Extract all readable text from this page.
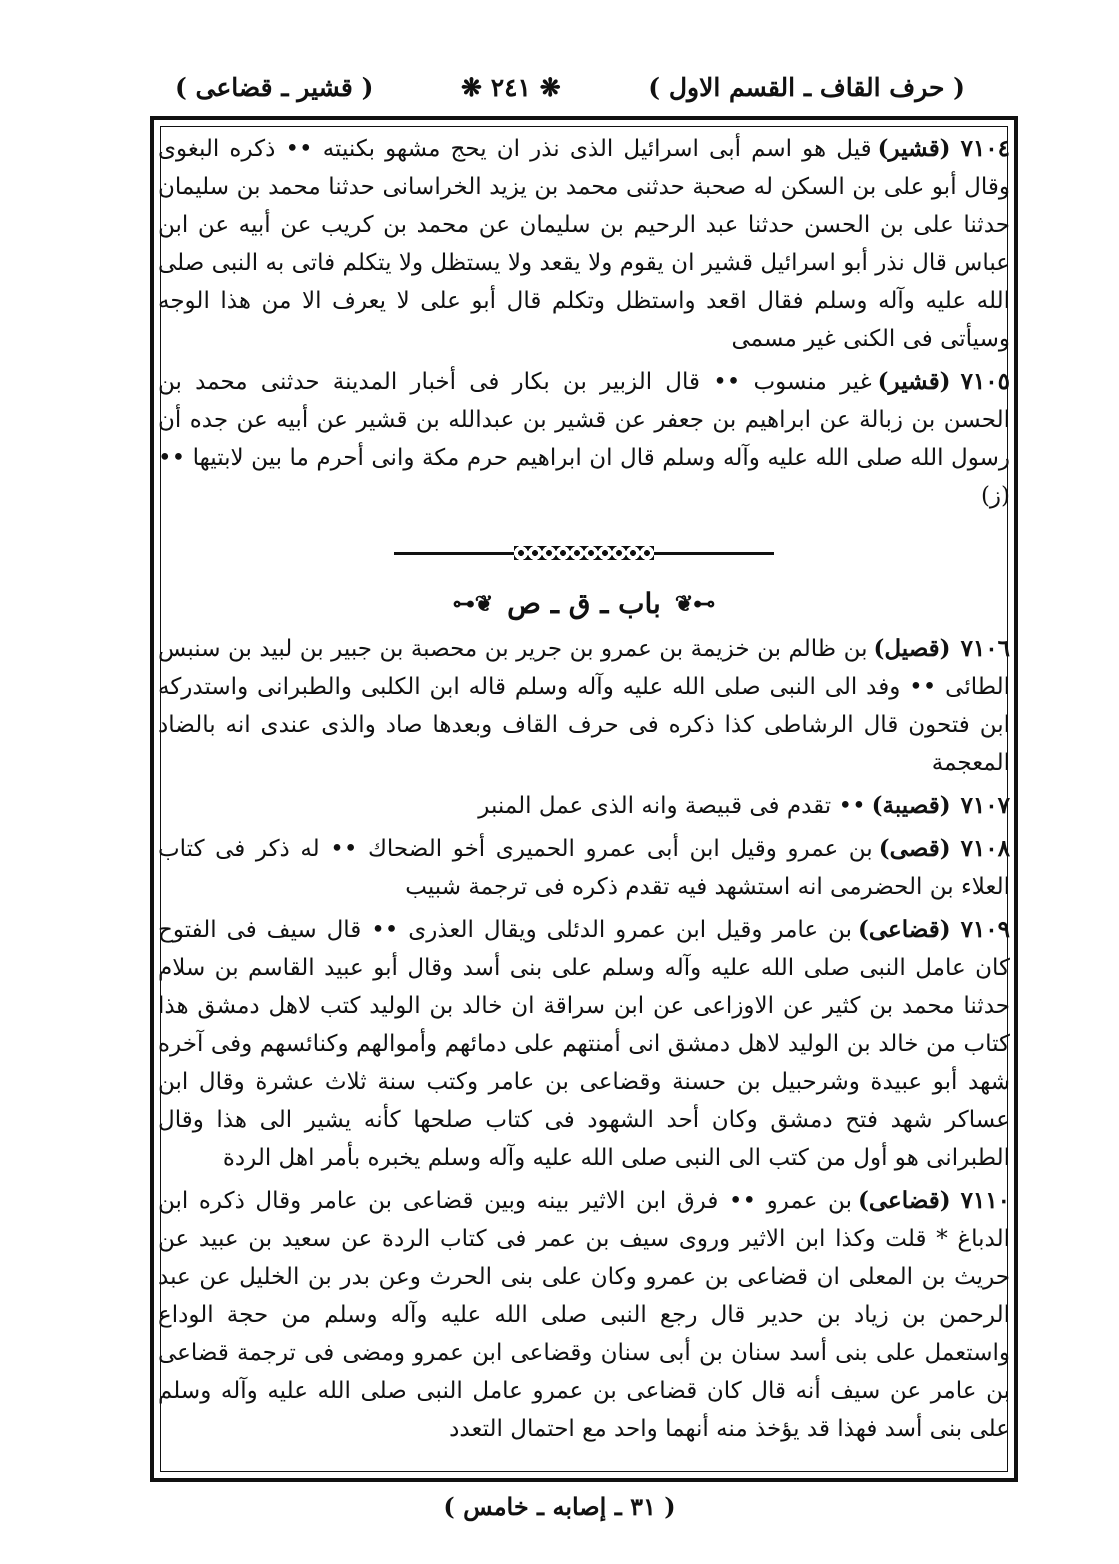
( حرف القاف ـ القسم الاول )
❋ ٢٤١ ❋
( قشير ـ قضاعى )

٧١٠٤(قشير)قيل هو اسم أبى اسرائيل الذى نذر ان يحج مشهو بكنيته •• ذكره البغوى وقال أبو على بن السكن له صحبة حدثنى محمد بن يزيد الخراسانى حدثنا محمد بن سليمان حدثنا على بن الحسن حدثنا عبد الرحيم بن سليمان عن محمد بن كريب عن أبيه عن ابن عباس قال نذر أبو اسرائيل قشير ان يقوم ولا يقعد ولا يستظل ولا يتكلم فاتى به النبى صلى الله عليه وآله وسلم فقال اقعد واستظل وتكلم قال أبو على لا يعرف الا من هذا الوجه وسيأتى فى الكنى غير مسمى

٧١٠٥(قشير)غير منسوب •• قال الزبير بن بكار فى أخبار المدينة حدثنى محمد بن الحسن بن زبالة عن ابراهيم بن جعفر عن قشير بن عبدالله بن قشير عن أبيه عن جده أن رسول الله صلى الله عليه وآله وسلم قال ان ابراهيم حرم مكة وانى أحرم ما بين لابتيها •• (ز)

⊶❦
باب ـ ق ـ ص
❦⊷

٧١٠٦(قصيل)بن ظالم بن خزيمة بن عمرو بن جرير بن محصبة بن جبير بن لبيد بن سنبس الطائى •• وفد الى النبى صلى الله عليه وآله وسلم قاله ابن الكلبى والطبرانى واستدركه ابن فتحون قال الرشاطى كذا ذكره فى حرف القاف وبعدها صاد والذى عندى انه بالضاد المعجمة

٧١٠٧(قصيبة)•• تقدم فى قبيصة وانه الذى عمل المنبر

٧١٠٨(قصى)بن عمرو وقيل ابن أبى عمرو الحميرى أخو الضحاك •• له ذكر فى كتاب العلاء بن الحضرمى انه استشهد فيه تقدم ذكره فى ترجمة شبيب

٧١٠٩(قضاعى)بن عامر وقيل ابن عمرو الدئلى ويقال العذرى •• قال سيف فى الفتوح كان عامل النبى صلى الله عليه وآله وسلم على بنى أسد وقال أبو عبيد القاسم بن سلام حدثنا محمد بن كثير عن الاوزاعى عن ابن سراقة ان خالد بن الوليد كتب لاهل دمشق هذا كتاب من خالد بن الوليد لاهل دمشق انى أمنتهم على دمائهم وأموالهم وكنائسهم وفى آخره شهد أبو عبيدة وشرحبيل بن حسنة وقضاعى بن عامر وكتب سنة ثلاث عشرة وقال ابن عساكر شهد فتح دمشق وكان أحد الشهود فى كتاب صلحها كأنه يشير الى هذا وقال الطبرانى هو أول من كتب الى النبى صلى الله عليه وآله وسلم يخبره بأمر اهل الردة

٧١١٠(قضاعى)بن عمرو •• فرق ابن الاثير بينه وبين قضاعى بن عامر وقال ذكره ابن الدباغ * قلت وكذا ابن الاثير وروى سيف بن عمر فى كتاب الردة عن سعيد بن عبيد عن حريث بن المعلى ان قضاعى بن عمرو وكان على بنى الحرث وعن بدر بن الخليل عن عبد الرحمن بن زياد بن حدير قال رجع النبى صلى الله عليه وآله وسلم من حجة الوداع واستعمل على بنى أسد سنان بن أبى سنان وقضاعى ابن عمرو ومضى فى ترجمة قضاعى بن عامر عن سيف أنه قال كان قضاعى بن عمرو عامل النبى صلى الله عليه وآله وسلم على بنى أسد فهذا قد يؤخذ منه أنهما واحد مع احتمال التعدد

( ٣١ ـ إصابه ـ خامس )
